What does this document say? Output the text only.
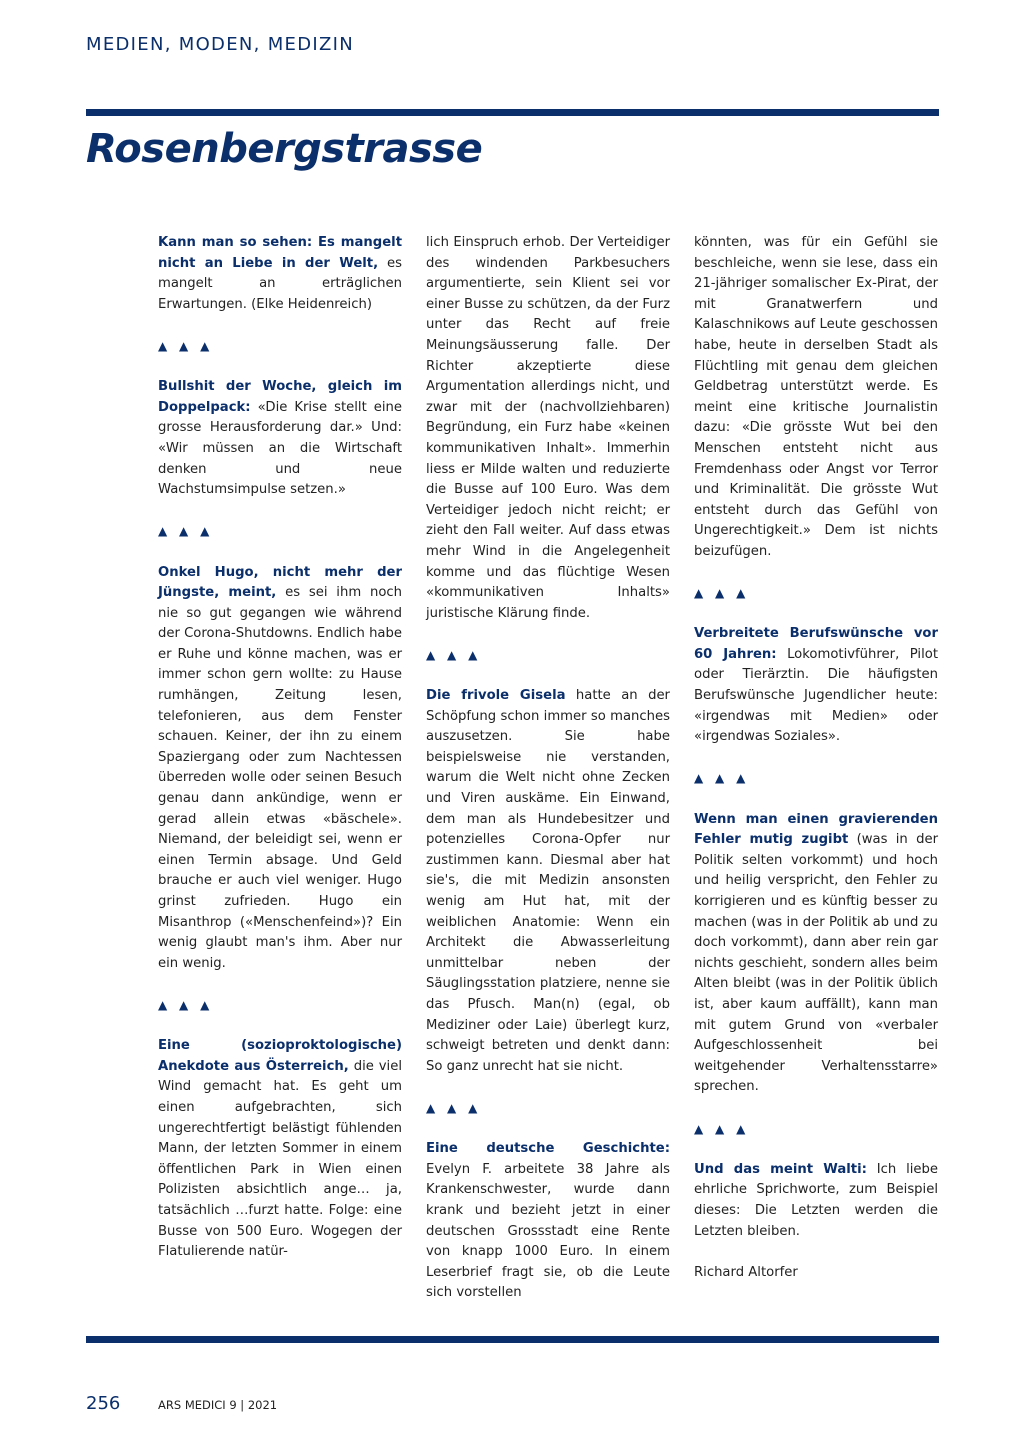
MEDIEN, MODEN, MEDIZIN
Rosenbergstrasse

Kann man so sehen: Es mangelt nicht an Liebe in der Welt, es mangelt an erträglichen Erwartungen. (Elke Heidenreich)

▲ ▲ ▲

Bullshit der Woche, gleich im Doppelpack: «Die Krise stellt eine grosse Herausforderung dar.» Und: «Wir müssen an die Wirtschaft denken und neue Wachstumsimpulse setzen.»

▲ ▲ ▲

Onkel Hugo, nicht mehr der Jüngste, meint, es sei ihm noch nie so gut gegangen wie während der Corona-Shutdowns. Endlich habe er Ruhe und könne machen, was er immer schon gern wollte: zu Hause rumhängen, Zeitung lesen, telefonieren, aus dem Fenster schauen. Keiner, der ihn zu einem Spaziergang oder zum Nachtessen überreden wolle oder seinen Besuch genau dann ankündige, wenn er gerad allein etwas «bäschele». Niemand, der beleidigt sei, wenn er einen Termin absage. Und Geld brauche er auch viel weniger. Hugo grinst zufrieden. Hugo ein Misanthrop («Menschenfeind»)? Ein wenig glaubt man's ihm. Aber nur ein wenig.

▲ ▲ ▲

Eine (sozioproktologische) Anekdote aus Österreich, die viel Wind gemacht hat. Es geht um einen aufgebrachten, sich ungerechtfertigt belästigt fühlenden Mann, der letzten Sommer in einem öffentlichen Park in Wien einen Polizisten absichtlich ange… ja, tatsächlich …furzt hatte. Folge: eine Busse von 500 Euro. Wogegen der Flatulierende natür-

lich Einspruch erhob. Der Verteidiger des windenden Parkbesuchers argumentierte, sein Klient sei vor einer Busse zu schützen, da der Furz unter das Recht auf freie Meinungsäusserung falle. Der Richter akzeptierte diese Argumentation allerdings nicht, und zwar mit der (nachvollziehbaren) Begründung, ein Furz habe «keinen kommunikativen Inhalt». Immerhin liess er Milde walten und reduzierte die Busse auf 100 Euro. Was dem Verteidiger jedoch nicht reicht; er zieht den Fall weiter. Auf dass etwas mehr Wind in die Angelegenheit komme und das flüchtige Wesen «kommunikativen Inhalts» juristische Klärung finde.

▲ ▲ ▲

Die frivole Gisela hatte an der Schöpfung schon immer so manches auszusetzen. Sie habe beispielsweise nie verstanden, warum die Welt nicht ohne Zecken und Viren auskäme. Ein Einwand, dem man als Hundebesitzer und potenzielles Corona-Opfer nur zustimmen kann. Diesmal aber hat sie's, die mit Medizin ansonsten wenig am Hut hat, mit der weiblichen Anatomie: Wenn ein Architekt die Abwasserleitung unmittelbar neben der Säuglingsstation platziere, nenne sie das Pfusch. Man(n) (egal, ob Mediziner oder Laie) überlegt kurz, schweigt betreten und denkt dann: So ganz unrecht hat sie nicht.

▲ ▲ ▲

Eine deutsche Geschichte: Evelyn F. arbeitete 38 Jahre als Krankenschwester, wurde dann krank und bezieht jetzt in einer deutschen Grossstadt eine Rente von knapp 1000 Euro. In einem Leserbrief fragt sie, ob die Leute sich vorstellen

könnten, was für ein Gefühl sie beschleiche, wenn sie lese, dass ein 21-jähriger somalischer Ex-Pirat, der mit Granatwerfern und Kalaschnikows auf Leute geschossen habe, heute in derselben Stadt als Flüchtling mit genau dem gleichen Geldbetrag unterstützt werde. Es meint eine kritische Journalistin dazu: «Die grösste Wut bei den Menschen entsteht nicht aus Fremdenhass oder Angst vor Terror und Kriminalität. Die grösste Wut entsteht durch das Gefühl von Ungerechtigkeit.» Dem ist nichts beizufügen.

▲ ▲ ▲

Verbreitete Berufswünsche vor 60 Jahren: Lokomotivführer, Pilot oder Tierärztin. Die häufigsten Berufswünsche Jugendlicher heute: «irgendwas mit Medien» oder «irgendwas Soziales».

▲ ▲ ▲

Wenn man einen gravierenden Fehler mutig zugibt (was in der Politik selten vorkommt) und hoch und heilig verspricht, den Fehler zu korrigieren und es künftig besser zu machen (was in der Politik ab und zu doch vorkommt), dann aber rein gar nichts geschieht, sondern alles beim Alten bleibt (was in der Politik üblich ist, aber kaum auffällt), kann man mit gutem Grund von «verbaler Aufgeschlossenheit bei weitgehender Verhaltensstarre» sprechen.

▲ ▲ ▲

Und das meint Walti: Ich liebe ehrliche Sprichworte, zum Beispiel dieses: Die Letzten werden die Letzten bleiben.

Richard Altorfer

256	ARS MEDICI 9 | 2021
